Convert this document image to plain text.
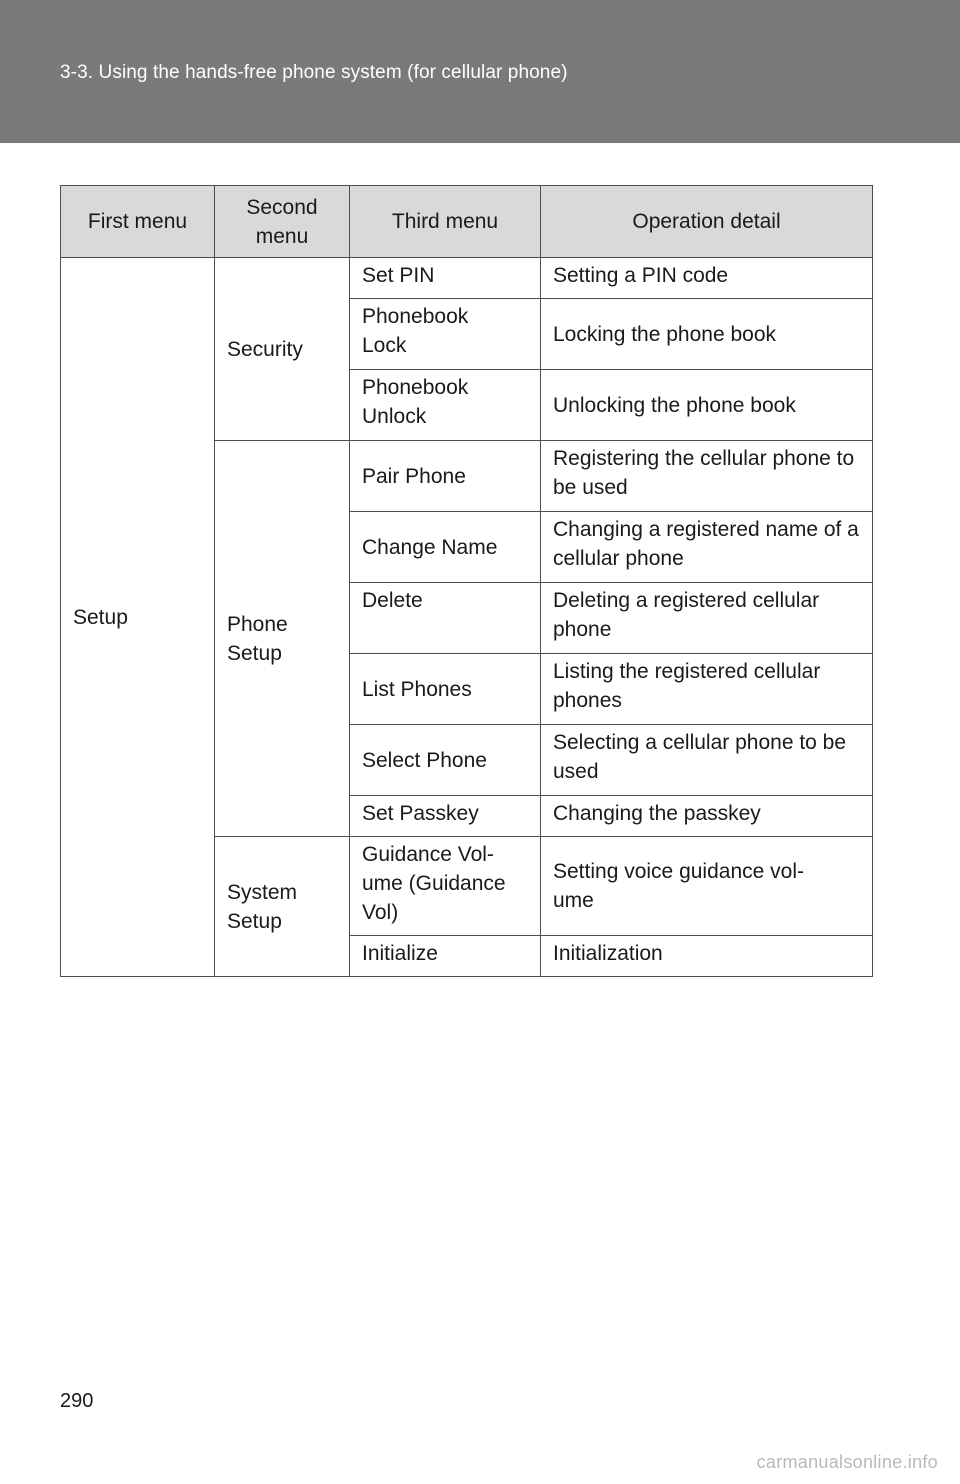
3-3. Using the hands-free phone system (for cellular phone)
First menu	Second menu	Third menu	Operation detail
Setup	Security	Set PIN	Setting a PIN code

		Phonebook Lock	Locking the phone book

		Phonebook Unlock	Unlocking the phone book

	Phone Setup	Pair Phone	Registering the cellular phone to be used

		Change Name	Changing a registered name of a cellular phone

		Delete	Deleting a registered cellular phone

		List Phones	Listing the registered cellular phones

		Select Phone	Selecting a cellular phone to be used

		Set Passkey	Changing the passkey

	System Setup	Guidance Vol-ume (Guidance Vol)	Setting voice guidance vol-ume

		Initialize	Initialization
290
carmanualsonline.info
